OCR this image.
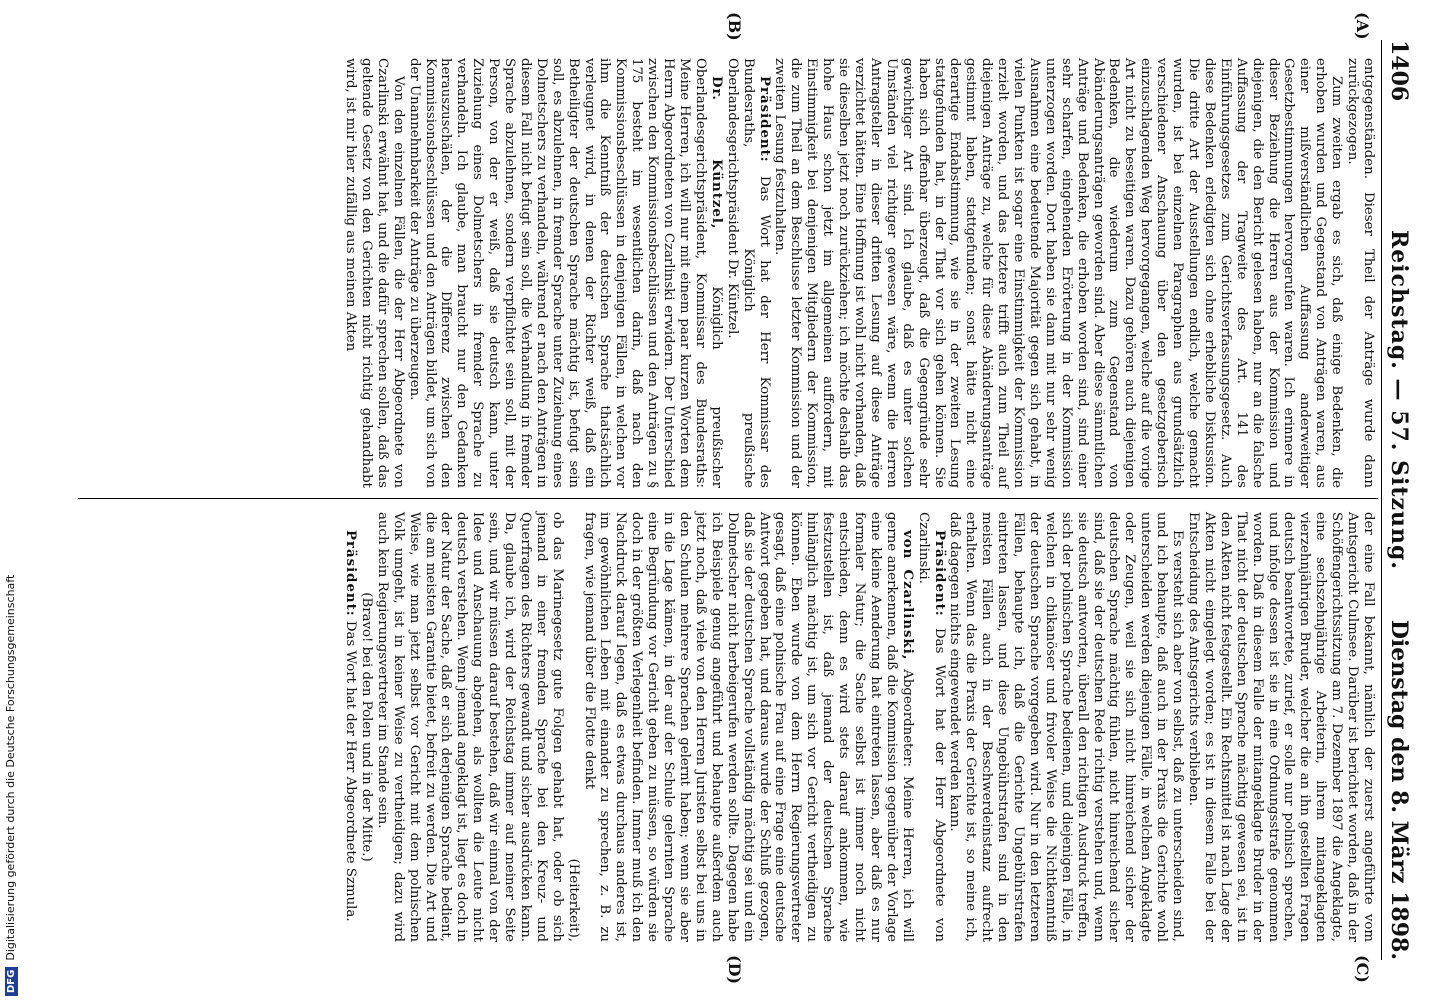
1406
Reichstag. — 57. Sitzung.
Dienstag den 8. März 1898.
(A)
(B)
(C)
(D)

entgegenständen. Dieser Theil der Anträge wurde dann zurückgezogen.

Zum zweiten ergab es sich, daß einige Bedenken, die erhoben wurden und Gegenstand von Anträgen waren, aus einer mißverständlichen Auffassung anderweitiger Gesetzbestimmungen hervorgerufen waren. Ich erinnere in dieser Beziehung die Herren aus der Kommission und diejenigen, die den Bericht gelesen haben, nur an die falsche Auffassung der Tragweite des Art. 141 des Einführungsgesetzes zum Gerichtsverfassungsgesetz. Auch diese Bedenken erledigten sich ohne erhebliche Diskussion. Die dritte Art der Ausstellungen endlich, welche gemacht wurden, ist bei einzelnen Paragraphen aus grundsätzlich verschiedener Anschauung über den gesetzgeberisch einzuschlagenden Weg hervorgegangen, welche auf die vorige Art nicht zu beseitigen waren. Dazu gehören auch diejenigen Bedenken, die wiederum zum Gegenstand von Abänderungsanträgen geworden sind. Aber diese sämmtlichen Anträge und Bedenken, die erhoben worden sind, sind einer sehr scharfen, eingehenden Erörterung in der Kommission unterzogen worden. Dort haben sie dann mit nur sehr wenig Ausnahmen eine bedeutende Majorität gegen sich gehabt, in vielen Punkten ist sogar eine Einstimmigkeit der Kommission erzielt worden, und das letztere trifft auch zum Theil auf diejenigen Anträge zu, welche für diese Abänderungsanträge gestimmt haben, stattgefunden; sonst hätte nicht eine derartige Endabstimmung, wie sie in der zweiten Lesung stattgefunden hat, in der That vor sich gehen können. Sie haben sich offenbar überzeugt, daß die Gegengründe sehr gewichtiger Art sind. Ich glaube, daß es unter solchen Umständen viel richtiger gewesen wäre, wenn die Herren Antragsteller in dieser dritten Lesung auf diese Anträge verzichtet hätten. Eine Hoffnung ist wohl nicht vorhanden, daß sie dieselben jetzt noch zurückziehen; ich möchte deshalb das hohe Haus schon jetzt im allgemeinen auffordern, mit Einstimmigkeit bei denjenigen Mitgliedern der Kommission, die zum Theil an dem Beschlusse letzter Kommission und der zweiten Lesung festzuhalten.

Präsident: Das Wort hat der Herr Kommissar des Bundesraths, Königlich preußische Oberlandesgerichtspräsident Dr. Küntzel.

Dr. Küntzel, Königlich preußischer Oberlandesgerichtspräsident, Kommissar des Bundesraths: Meine Herren, ich will nur mit einem paar kurzen Worten dem Herrn Abgeordneten von Czarlinski erwidern. Der Unterschied zwischen den Kommissionsbeschlüssen und den Anträgen zu § 175 besteht im wesentlichen darin, daß nach den Kommissionsbeschlüssen in denjenigen Fällen, in welchen vor ihm die Kenntniß der deutschen Sprache thatsächlich verleugnet wird, in denen der Richter weiß, daß ein Betheiligter der deutschen Sprache mächtig ist, befugt sein soll, es abzulehnen, in fremder Sprache unter Zuziehung eines Dolmetschers zu verhandeln, während er nach den Anträgen in diesem Fall nicht befugt sein soll, die Verhandlung in fremder Sprache abzulehnen, sondern verpflichtet sein soll, mit der Person, von der er weiß, daß sie deutsch kann, unter Zuziehung eines Dolmetschers in fremder Sprache zu verhandeln. Ich glaube, man braucht nur den Gedanken herauszuschälen, der die Differenz zwischen den Kommissionsbeschlüssen und den Anträgen bildet, um sich von der Unannehmbarkeit der Anträge zu überzeugen.

Von den einzelnen Fällen, die der Herr Abgeordnete von Czarlinski erwähnt hat, und die dafür sprechen sollen, daß das geltende Gesetz von den Gerichten nicht richtig gehandhabt wird, ist mir hier zufällig aus meinen Akten

der eine Fall bekannt, nämlich der zuerst angeführte vom Amtsgericht Culmsee. Darüber ist berichtet worden, daß in der Schöffengerichtssitzung am 7. Dezember 1897 die Angeklagte, eine sechszehnjährige Arbeiterin, ihrem mitangeklagten vierzehnjährigen Bruder, welcher die an ihn gestellten Fragen deutsch beantwortete, zurief, er solle nur polnisch sprechen, und infolge dessen ist sie in eine Ordnungsstrafe genommen worden. Daß in diesem Falle der mitangeklagte Bruder in der That nicht der deutschen Sprache mächtig gewesen sei, ist in den Akten nicht festgestellt. Ein Rechtsmittel ist nach Lage der Akten nicht eingelegt worden; es ist in diesem Falle bei der Entscheidung des Amtsgerichts verblieben.

Es versteht sich aber von selbst, daß zu unterscheiden sind, und ich behaupte, daß auch in der Praxis die Gerichte wohl unterscheiden werden diejenigen Fälle, in welchen Angeklagte oder Zeugen, weil sie sich nicht hinreichend sicher der deutschen Sprache mächtig fühlen, nicht hinreichend sicher sind, daß sie der deutschen Rede richtig verstehen und, wenn sie deutsch antworten, überall den richtigen Ausdruck treffen, sich der polnischen Sprache bedienen, und diejenigen Fälle, in welchen in chikanöser und frivoler Weise die Nichtkenntniß der deutschen Sprache vorgegeben wird. Nur in den letzteren Fällen, behaupte ich, daß die Gerichte Ungebührstrafen eintreten lassen, und diese Ungebührstrafen sind in den meisten Fällen auch in der Beschwerdeinstanz aufrecht erhalten. Wenn das die Praxis der Gerichte ist, so meine ich, daß dagegen nichts eingewendet werden kann.

Präsident: Das Wort hat der Herr Abgeordnete von Czarlinski.

von Czarlinski, Abgeordneter: Meine Herren, ich will gerne anerkennen, daß die Kommission gegenüber der Vorlage eine kleine Aenderung hat eintreten lassen, aber daß es nur formaler Natur; die Sache selbst ist immer noch nicht entschieden, denn es wird stets darauf ankommen, wie festzustellen ist, daß jemand der deutschen Sprache hinlänglich mächtig ist, um sich vor Gericht vertheidigen zu können. Eben wurde von dem Herrn Regierungsvertreter gesagt, daß eine polnische Frau auf eine Frage eine deutsche Antwort gegeben hat, und daraus wurde der Schluß gezogen, daß sie der deutschen Sprache vollständig mächtig sei und ein Dolmetscher nicht herbeigerufen werden sollte. Dagegen habe ich Beispiele genug angeführt und behaupte außerdem auch jetzt noch, daß viele von den Herren Juristen selbst bei uns in den Schulen mehrere Sprachen gelernt haben; wenn sie aber in die Lage kämen, in der auf der Schule gelernten Sprache eine Begründung vor Gericht geben zu müssen, so würden sie doch in der größten Verlegenheit befinden. Immer muß ich den Nachdruck darauf legen, daß es etwas durchaus anderes ist, im gewöhnlichen Leben mit einander zu sprechen, z. B. zu fragen, wie jemand über die Flotte denkt

(Heiterkeit),

ob das Marinegesetz gute Folgen gehabt hat, oder ob sich jemand in einer fremden Sprache bei den Kreuz- und Querfragen des Richters gewandt und sicher ausdrücken kann. Da, glaube ich, wird der Reichstag immer auf meiner Seite sein, und wir müssen darauf bestehen, daß wir einmal von der Idee und Anschauung abgehen, als wollten die Leute nicht deutsch verstehen. Wenn jemand angeklagt ist, liegt es doch in der Natur der Sache, daß er sich derjenigen Sprache bedient, die am meisten Garantie bietet, befreit zu werden. Die Art und Weise, wie man jetzt selbst vor Gericht mit dem polnischen Volk umgeht, ist in keiner Weise zu vertheidigen; dazu wird auch kein Regierungsvertreter im Stande sein.

(Bravo! bei den Polen und in der Mitte.)

Präsident: Das Wort hat der Herr Abgeordnete Szmula.

DFGDigitalisierung gefördert durch die Deutsche Forschungsgemeinschaft
